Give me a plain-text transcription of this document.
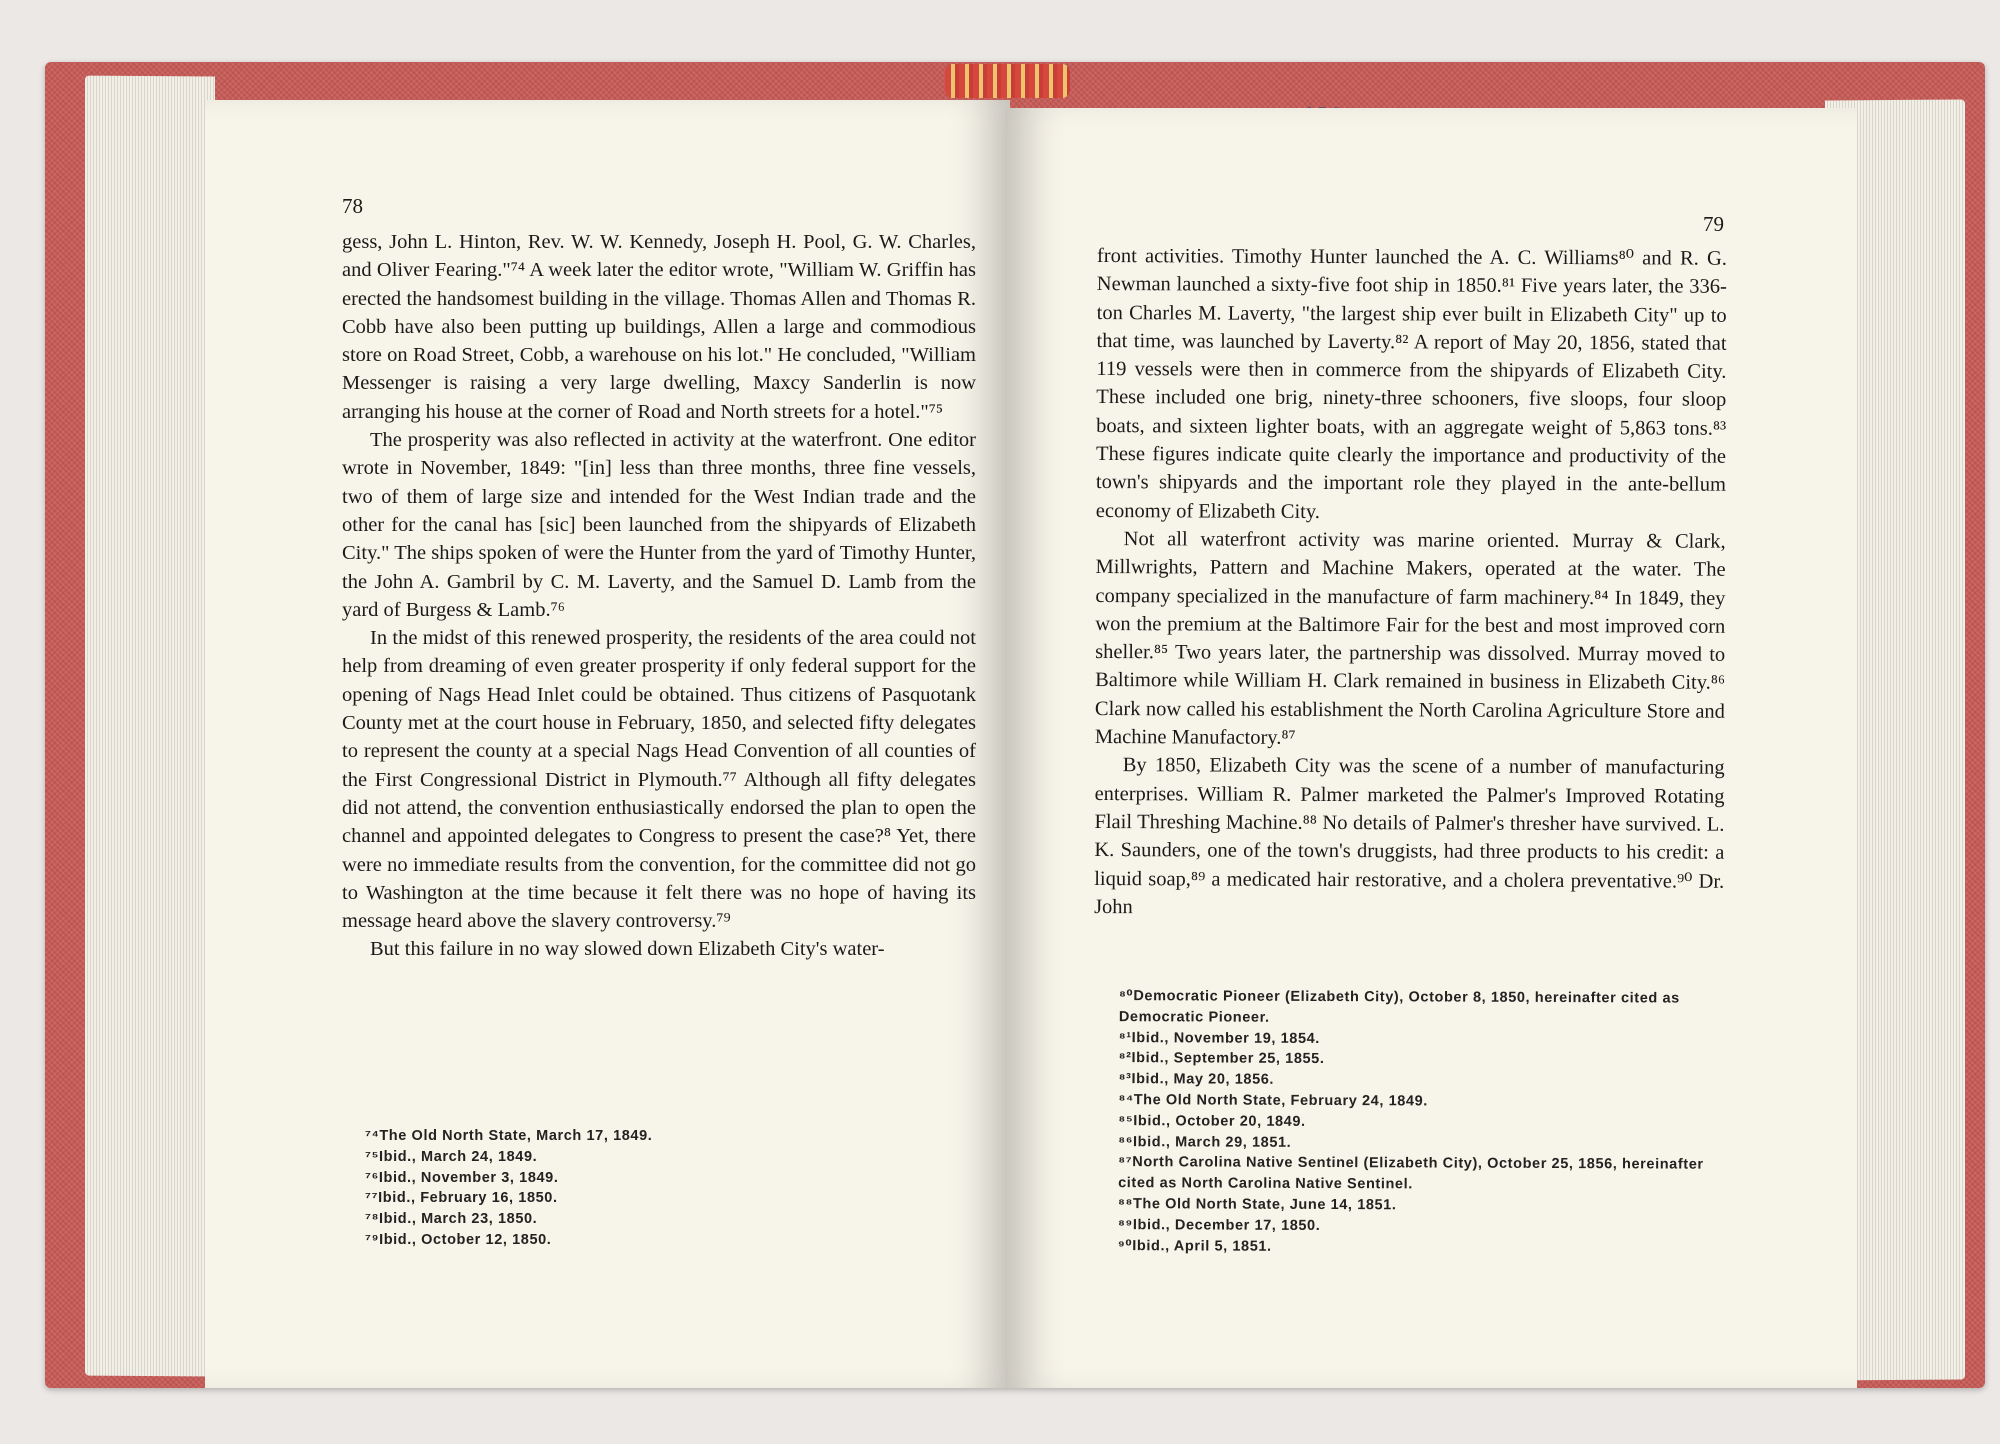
78

gess, John L. Hinton, Rev. W. W. Kennedy, Joseph H. Pool, G. W. Charles, and Oliver Fearing."⁷⁴ A week later the editor wrote, "William W. Griffin has erected the handsomest building in the village. Thomas Allen and Thomas R. Cobb have also been putting up buildings, Allen a large and commodious store on Road Street, Cobb, a warehouse on his lot." He concluded, "William Messenger is raising a very large dwelling, Maxcy Sanderlin is now arranging his house at the corner of Road and North streets for a hotel."⁷⁵

The prosperity was also reflected in activity at the waterfront. One editor wrote in November, 1849: "[in] less than three months, three fine vessels, two of them of large size and intended for the West Indian trade and the other for the canal has [sic] been launched from the shipyards of Elizabeth City." The ships spoken of were the Hunter from the yard of Timothy Hunter, the John A. Gambril by C. M. Laverty, and the Samuel D. Lamb from the yard of Burgess & Lamb.⁷⁶

In the midst of this renewed prosperity, the residents of the area could not help from dreaming of even greater prosperity if only federal support for the opening of Nags Head Inlet could be obtained. Thus citizens of Pasquotank County met at the court house in February, 1850, and selected fifty delegates to represent the county at a special Nags Head Convention of all counties of the First Congressional District in Plymouth.⁷⁷ Although all fifty delegates did not attend, the convention enthusiastically endorsed the plan to open the channel and appointed delegates to Congress to present the case?⁸ Yet, there were no immediate results from the convention, for the committee did not go to Washington at the time because it felt there was no hope of having its message heard above the slavery controversy.⁷⁹

But this failure in no way slowed down Elizabeth City's water-

⁷⁴The Old North State, March 17, 1849.
⁷⁵Ibid., March 24, 1849.
⁷⁶Ibid., November 3, 1849.
⁷⁷Ibid., February 16, 1850.
⁷⁸Ibid., March 23, 1850.
⁷⁹Ibid., October 12, 1850.
79

front activities. Timothy Hunter launched the A. C. Williams⁸⁰ and R. G. Newman launched a sixty-five foot ship in 1850.⁸¹ Five years later, the 336-ton Charles M. Laverty, "the largest ship ever built in Elizabeth City" up to that time, was launched by Laverty.⁸² A report of May 20, 1856, stated that 119 vessels were then in commerce from the shipyards of Elizabeth City. These included one brig, ninety-three schooners, five sloops, four sloop boats, and sixteen lighter boats, with an aggregate weight of 5,863 tons.⁸³ These figures indicate quite clearly the importance and productivity of the town's shipyards and the important role they played in the ante-bellum economy of Elizabeth City.

Not all waterfront activity was marine oriented. Murray & Clark, Millwrights, Pattern and Machine Makers, operated at the water. The company specialized in the manufacture of farm machinery.⁸⁴ In 1849, they won the premium at the Baltimore Fair for the best and most improved corn sheller.⁸⁵ Two years later, the partnership was dissolved. Murray moved to Baltimore while William H. Clark remained in business in Elizabeth City.⁸⁶ Clark now called his establishment the North Carolina Agriculture Store and Machine Manufactory.⁸⁷

By 1850, Elizabeth City was the scene of a number of manufacturing enterprises. William R. Palmer marketed the Palmer's Improved Rotating Flail Threshing Machine.⁸⁸ No details of Palmer's thresher have survived. L. K. Saunders, one of the town's druggists, had three products to his credit: a liquid soap,⁸⁹ a medicated hair restorative, and a cholera preventative.⁹⁰ Dr. John

⁸⁰Democratic Pioneer (Elizabeth City), October 8, 1850, hereinafter cited as Democratic Pioneer.
⁸¹Ibid., November 19, 1854.
⁸²Ibid., September 25, 1855.
⁸³Ibid., May 20, 1856.
⁸⁴The Old North State, February 24, 1849.
⁸⁵Ibid., October 20, 1849.
⁸⁶Ibid., March 29, 1851.
⁸⁷North Carolina Native Sentinel (Elizabeth City), October 25, 1856, hereinafter cited as North Carolina Native Sentinel.
⁸⁸The Old North State, June 14, 1851.
⁸⁹Ibid., December 17, 1850.
⁹⁰Ibid., April 5, 1851.
